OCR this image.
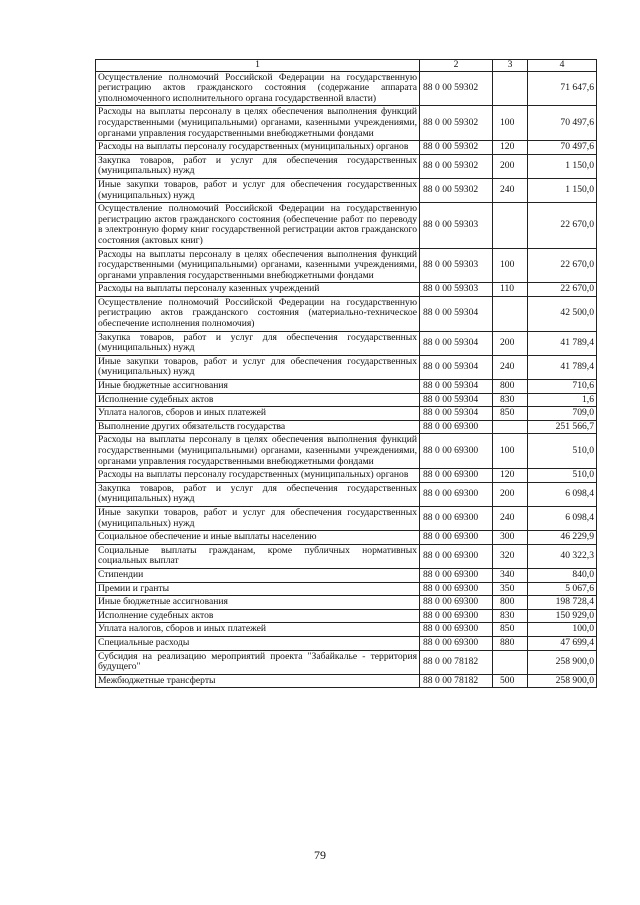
1	2	3	4
Осуществление полномочий Российской Федерации на государственную регистрацию актов гражданского состояния (содержание аппарата уполномоченного исполнительного органа государственной власти)	88 0 00 59302		71 647,6
Расходы на выплаты персоналу в целях обеспечения выполнения функций государственными (муниципальными) органами, казенными учреждениями, органами управления государственными внебюджетными фондами	88 0 00 59302	100	70 497,6
Расходы на выплаты персоналу государственных (муниципальных) органов	88 0 00 59302	120	70 497,6
Закупка товаров, работ и услуг для обеспечения государственных (муниципальных) нужд	88 0 00 59302	200	1 150,0
Иные закупки товаров, работ и услуг для обеспечения государственных (муниципальных) нужд	88 0 00 59302	240	1 150,0
Осуществление полномочий Российской Федерации на государственную регистрацию актов гражданского состояния (обеспечение работ по переводу в электронную форму книг государственной регистрации актов гражданского состояния (актовых книг)	88 0 00 59303		22 670,0
Расходы на выплаты персоналу в целях обеспечения выполнения функций государственными (муниципальными) органами, казенными учреждениями, органами управления государственными внебюджетными фондами	88 0 00 59303	100	22 670,0
Расходы на выплаты персоналу казенных учреждений	88 0 00 59303	110	22 670,0
Осуществление полномочий Российской Федерации на государственную регистрацию актов гражданского состояния (материально-техническое обеспечение исполнения полномочия)	88 0 00 59304		42 500,0
Закупка товаров, работ и услуг для обеспечения государственных (муниципальных) нужд	88 0 00 59304	200	41 789,4
Иные закупки товаров, работ и услуг для обеспечения государственных (муниципальных) нужд	88 0 00 59304	240	41 789,4
Иные бюджетные ассигнования	88 0 00 59304	800	710,6
Исполнение судебных актов	88 0 00 59304	830	1,6
Уплата налогов, сборов и иных платежей	88 0 00 59304	850	709,0
Выполнение других обязательств государства	88 0 00 69300		251 566,7
Расходы на выплаты персоналу в целях обеспечения выполнения функций государственными (муниципальными) органами, казенными учреждениями, органами управления государственными внебюджетными фондами	88 0 00 69300	100	510,0
Расходы на выплаты персоналу государственных (муниципальных) органов	88 0 00 69300	120	510,0
Закупка товаров, работ и услуг для обеспечения государственных (муниципальных) нужд	88 0 00 69300	200	6 098,4
Иные закупки товаров, работ и услуг для обеспечения государственных (муниципальных) нужд	88 0 00 69300	240	6 098,4
Социальное обеспечение и иные выплаты населению	88 0 00 69300	300	46 229,9
Социальные выплаты гражданам, кроме публичных нормативных социальных выплат	88 0 00 69300	320	40 322,3
Стипендии	88 0 00 69300	340	840,0
Премии и гранты	88 0 00 69300	350	5 067,6
Иные бюджетные ассигнования	88 0 00 69300	800	198 728,4
Исполнение судебных актов	88 0 00 69300	830	150 929,0
Уплата налогов, сборов и иных платежей	88 0 00 69300	850	100,0
Специальные расходы	88 0 00 69300	880	47 699,4
Субсидия на реализацию мероприятий проекта "Забайкалье - территория будущего"	88 0 00 78182		258 900,0
Межбюджетные трансферты	88 0 00 78182	500	258 900,0
79
